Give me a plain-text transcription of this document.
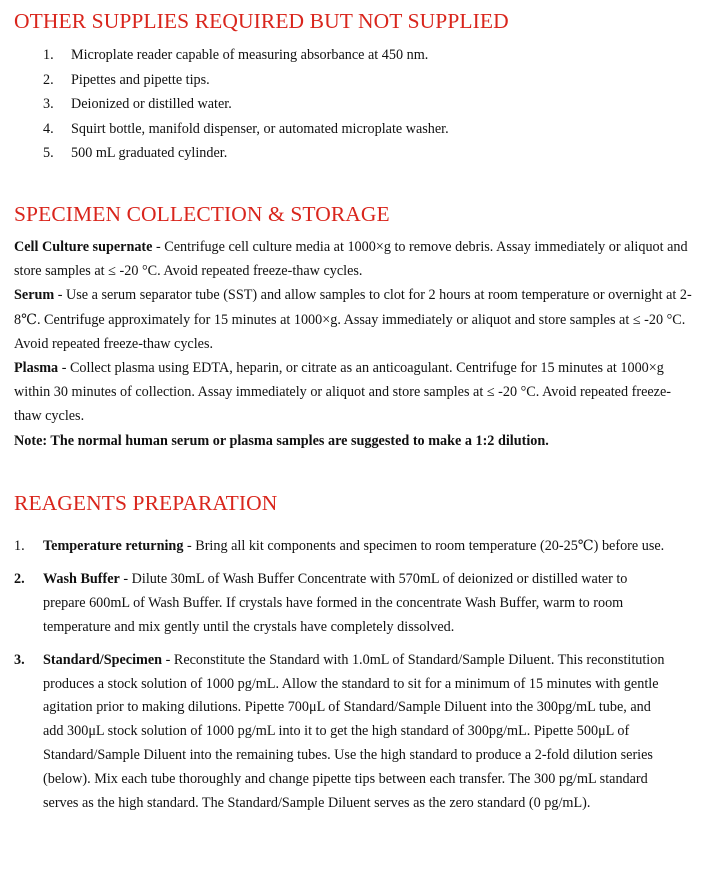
OTHER SUPPLIES REQUIRED BUT NOT SUPPLIED
1. Microplate reader capable of measuring absorbance at 450 nm.
2. Pipettes and pipette tips.
3. Deionized or distilled water.
4. Squirt bottle, manifold dispenser, or automated microplate washer.
5. 500 mL graduated cylinder.
SPECIMEN COLLECTION & STORAGE

Cell Culture supernate - Centrifuge cell culture media at 1000×g to remove debris. Assay immediately or aliquot and store samples at ≤ -20 °C. Avoid repeated freeze-thaw cycles.

Serum - Use a serum separator tube (SST) and allow samples to clot for 2 hours at room temperature or overnight at 2-8℃. Centrifuge approximately for 15 minutes at 1000×g. Assay immediately or aliquot and store samples at ≤ -20 °C. Avoid repeated freeze-thaw cycles.

Plasma - Collect plasma using EDTA, heparin, or citrate as an anticoagulant. Centrifuge for 15 minutes at 1000×g within 30 minutes of collection. Assay immediately or aliquot and store samples at ≤ -20 °C. Avoid repeated freeze-thaw cycles.

Note: The normal human serum or plasma samples are suggested to make a 1:2 dilution.

REAGENTS PREPARATION
1. Temperature returning - Bring all kit components and specimen to room temperature (20-25℃) before use.
2. Wash Buffer - Dilute 30mL of Wash Buffer Concentrate with 570mL of deionized or distilled water to prepare 600mL of Wash Buffer. If crystals have formed in the concentrate Wash Buffer, warm to room temperature and mix gently until the crystals have completely dissolved.
3. Standard/Specimen - Reconstitute the Standard with 1.0mL of Standard/Sample Diluent. This reconstitution produces a stock solution of 1000 pg/mL. Allow the standard to sit for a minimum of 15 minutes with gentle agitation prior to making dilutions. Pipette 700μL of Standard/Sample Diluent into the 300pg/mL tube, and add 300μL stock solution of 1000 pg/mL into it to get the high standard of 300pg/mL. Pipette 500μL of Standard/Sample Diluent into the remaining tubes. Use the high standard to produce a 2-fold dilution series (below). Mix each tube thoroughly and change pipette tips between each transfer. The 300 pg/mL standard serves as the high standard. The Standard/Sample Diluent serves as the zero standard (0 pg/mL).
